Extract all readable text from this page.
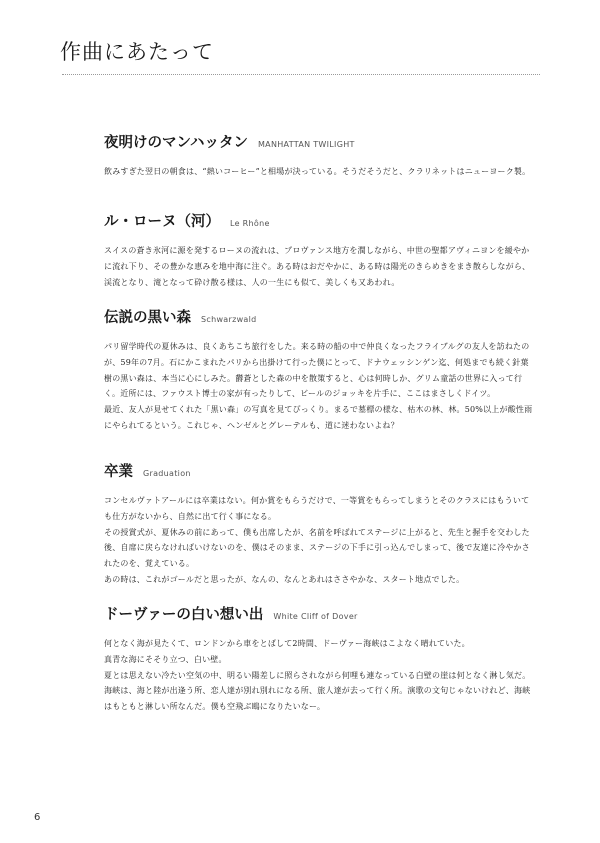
作曲にあたって
夜明けのマンハッタン MANHATTAN TWILIGHT

飲みすぎた翌日の朝食は、“熱いコーヒー”と相場が決っている。そうだそうだと、クラリネットはニューヨーク製。

ル・ローヌ（河） Le Rhône

スイスの蒼き氷河に源を発するローヌの流れは、プロヴァンス地方を潤しながら、中世の聖都アヴィニヨンを緩やかに流れ下り、その豊かな恵みを地中海に注ぐ。ある時はおだやかに、ある時は陽光のきらめきをまき散らしながら、渓流となり、滝となって砕け散る様は、人の一生にも似て、美しくも又あわれ。

伝説の黒い森 Schwarzwald

パリ留学時代の夏休みは、良くあちこち旅行をした。来る時の船の中で仲良くなったフライブルグの友人を訪ねたのが、59年の7月。石にかこまれたパリから出掛けて行った僕にとって、ドナウェッシンゲン迄、何処までも続く針葉樹の黒い森は、本当に心にしみた。欝蒼とした森の中を散策すると、心は何時しか、グリム童話の世界に入って行く。近所には、ファウスト博士の家が有ったりして、ビールのジョッキを片手に、ここはまさしくドイツ。

最近、友人が見せてくれた「黒い森」の写真を見てびっくり。まるで墓標の様な、枯木の林、林。50%以上が酸性雨にやられてるという。これじゃ、ヘンゼルとグレーテルも、道に迷わないよね？

卒業 Graduation

コンセルヴァトアールには卒業はない。何か賞をもらうだけで、一等賞をもらってしまうとそのクラスにはもういても仕方がないから、自然に出て行く事になる。

その授賞式が、夏休みの前にあって、僕も出席したが、名前を呼ばれてステージに上がると、先生と握手を交わした後、自席に戻らなければいけないのを、僕はそのまま、ステージの下手に引っ込んでしまって、後で友達に冷やかされたのを、覚えている。

あの時は、これがゴールだと思ったが、なんの、なんとあれはささやかな、スタート地点でした。

ドーヴァーの白い想い出 White Cliff of Dover

何となく海が見たくて、ロンドンから車をとばして2時間、ドーヴァー海峡はこよなく晴れていた。

真青な海にそそり立つ、白い壁。

夏とは思えない冷たい空気の中、明るい陽差しに照らされながら何哩も連なっている白壁の崖は何となく淋し気だ。

海峡は、海と陸が出逢う所、恋人達が別れ別れになる所、旅人達が去って行く所。演歌の文句じゃないけれど、海峡はもともと淋しい所なんだ。僕も空飛ぶ鴎になりたいなー。

6
